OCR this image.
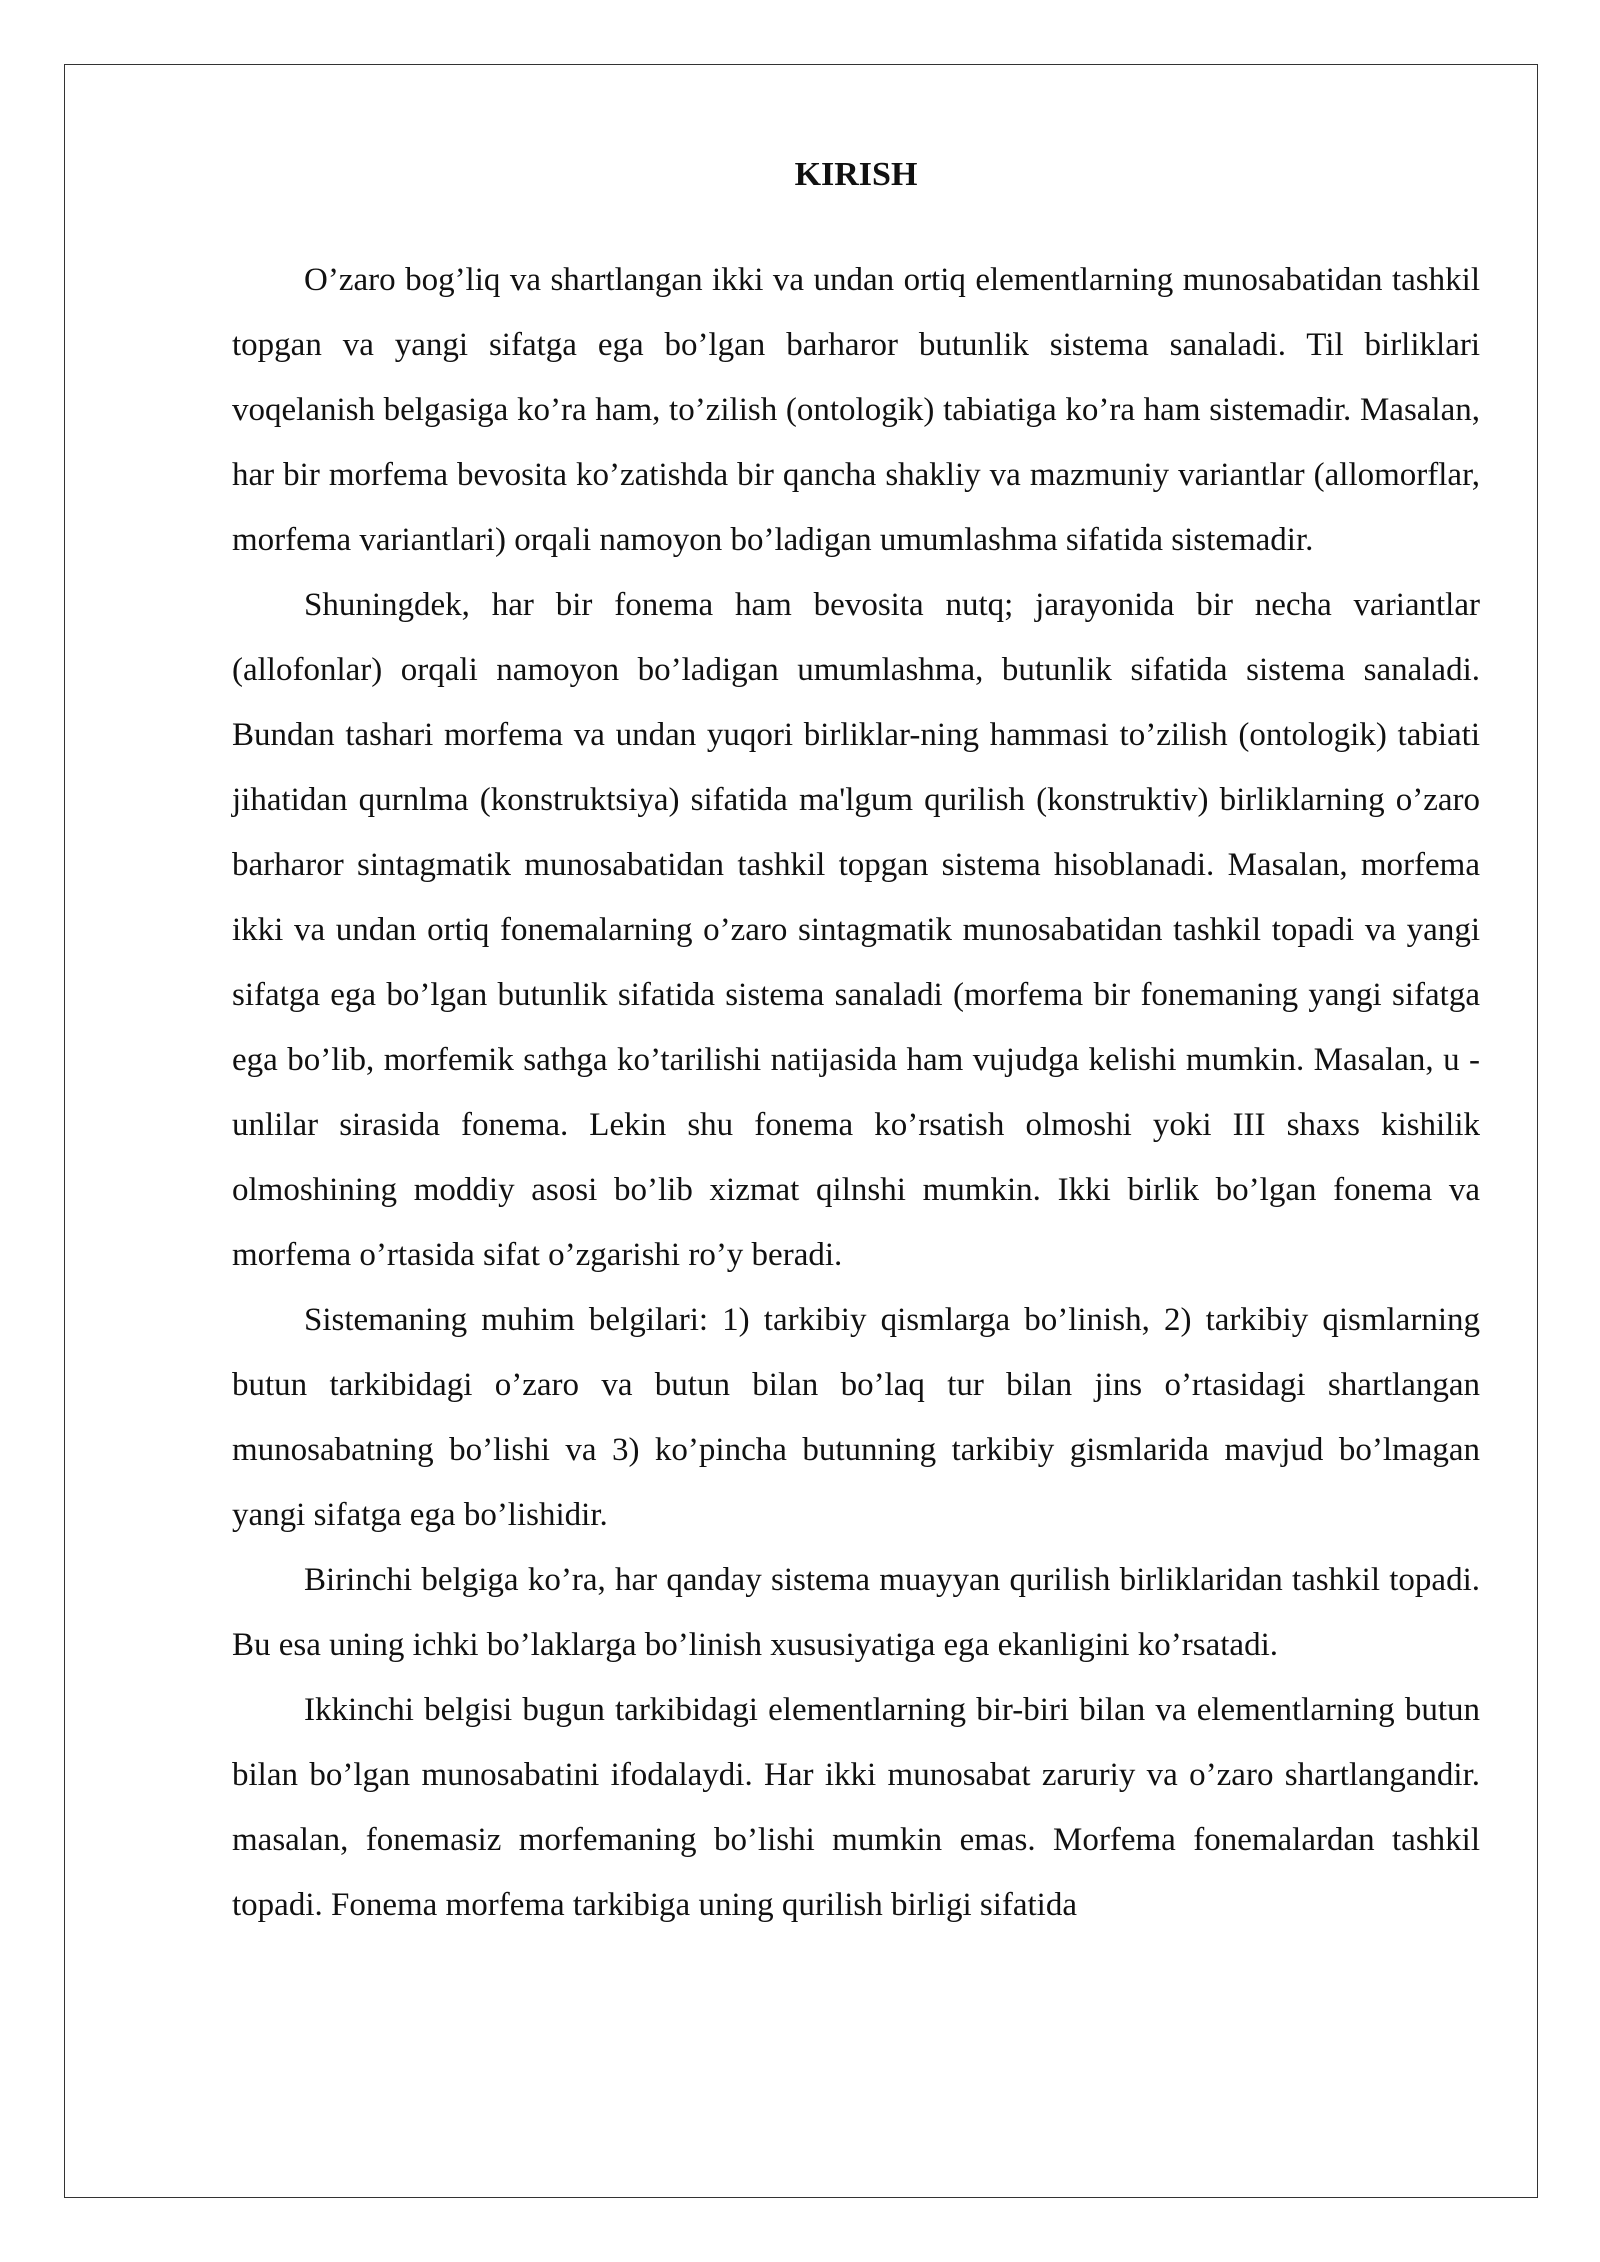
KIRISH

O’zaro bog’liq va shartlangan ikki va undan ortiq elementlarning munosabatidan tashkil topgan va yangi sifatga ega bo’lgan barharor butunlik sistema sanaladi. Til birliklari voqelanish belgasiga ko’ra ham, to’zilish (ontologik) tabiatiga ko’ra ham sistemadir. Masalan, har bir morfema bevosita ko’zatishda bir qancha shakliy va mazmuniy variantlar (allomorflar, morfema variantlari) orqali namoyon bo’ladigan umumlashma sifatida sistemadir.

Shuningdek, har bir fonema ham bevosita nutq; jarayonida bir necha variantlar (allofonlar) orqali namoyon bo’ladigan umumlashma, butunlik sifatida sistema sanaladi. Bundan tashari morfema va undan yuqori birliklar-ning hammasi to’zilish (ontologik) tabiati jihatidan qurnlma (konstruktsiya) sifatida ma'lgum qurilish (konstruktiv) birliklarning o’zaro barharor sintagmatik munosabatidan tashkil topgan sistema hisoblanadi. Masalan, morfema ikki va undan ortiq fonemalarning o’zaro sintagmatik munosabatidan tashkil topadi va yangi sifatga ega bo’lgan butunlik sifatida sistema sanaladi (morfema bir fonemaning yangi sifatga ega bo’lib, morfemik sathga ko’tarilishi natijasida ham vujudga kelishi mumkin. Masalan, u - unlilar sirasida fonema. Lekin shu fonema ko’rsatish olmoshi yoki III shaxs kishilik olmoshining moddiy asosi bo’lib xizmat qilnshi mumkin. Ikki birlik bo’lgan fonema va morfema o’rtasida sifat o’zgarishi ro’y beradi.

Sistemaning muhim belgilari: 1) tarkibiy qismlarga bo’linish, 2) tarkibiy qismlarning butun tarkibidagi o’zaro va butun bilan bo’laq tur bilan jins o’rtasidagi shartlangan munosabatning bo’lishi va 3) ko’pincha butunning tarkibiy gismlarida mavjud bo’lmagan yangi sifatga ega bo’lishidir.

Birinchi belgiga ko’ra, har qanday sistema muayyan qurilish birliklaridan tashkil topadi. Bu esa uning ichki bo’laklarga bo’linish xususiyatiga ega ekanligini ko’rsatadi.

Ikkinchi belgisi bugun tarkibidagi elementlarning bir-biri bilan va elementlarning butun bilan bo’lgan munosabatini ifodalaydi. Har ikki munosabat zaruriy va o’zaro shartlangandir. masalan, fonemasiz morfemaning bo’lishi mumkin emas. Morfema fonemalardan tashkil topadi. Fonema morfema tarkibiga uning qurilish birligi sifatida
